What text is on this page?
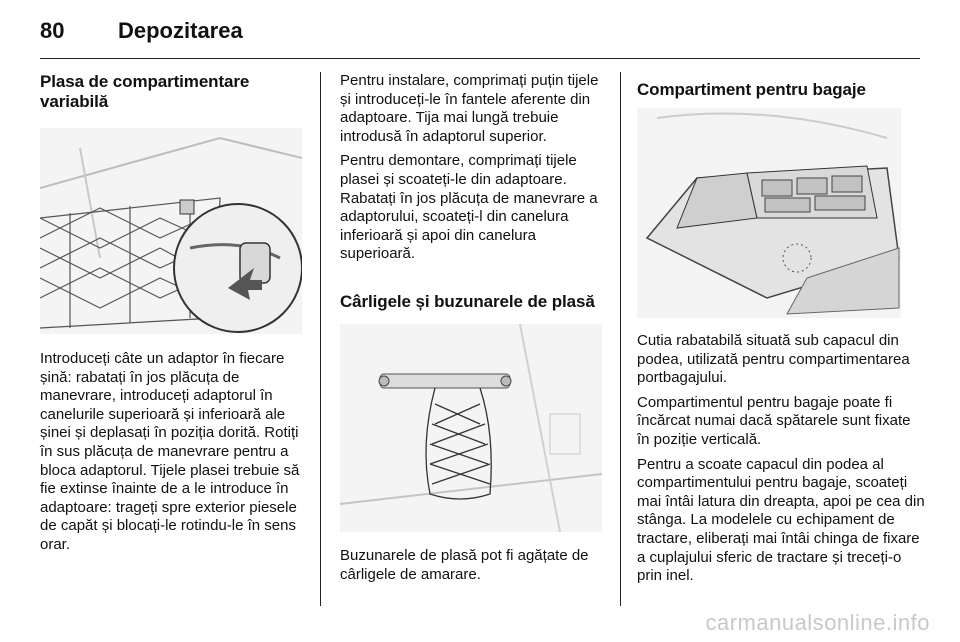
80 Depozitarea
Plasa de compartimentare variabilă

Introduceți câte un adaptor în fiecare șină: rabatați în jos plăcuța de manevrare, introduceți adaptorul în canelurile superioară și inferioară ale șinei și deplasați în poziția dorită. Rotiți în sus plăcuța de manevrare pentru a bloca adaptorul. Tijele plasei trebuie să fie extinse înainte de a le introduce în adaptoare: trageți spre exterior piesele de capăt și blocați-le rotindu-le în sens orar.

Pentru instalare, comprimați puțin tijele și introduceți-le în fantele aferente din adaptoare. Tija mai lungă trebuie introdusă în adaptorul superior.

Pentru demontare, comprimați tijele plasei și scoateți-le din adaptoare. Rabatați în jos plăcuța de manevrare a adaptorului, scoateți-l din canelura inferioară și apoi din canelura superioară.

Cârligele și buzunarele de plasă

Buzunarele de plasă pot fi agățate de cârligele de amarare.

Compartiment pentru bagaje

Cutia rabatabilă situată sub capacul din podea, utilizată pentru compartimentarea portbagajului.

Compartimentul pentru bagaje poate fi încărcat numai dacă spătarele sunt fixate în poziție verticală.

Pentru a scoate capacul din podea al compartimentului pentru bagaje, scoateți mai întâi latura din dreapta, apoi pe cea din stânga. La modelele cu echipament de tractare, eliberați mai întâi chinga de fixare a cuplajului sferic de tractare și treceți-o prin inel.

carmanualsonline.info
